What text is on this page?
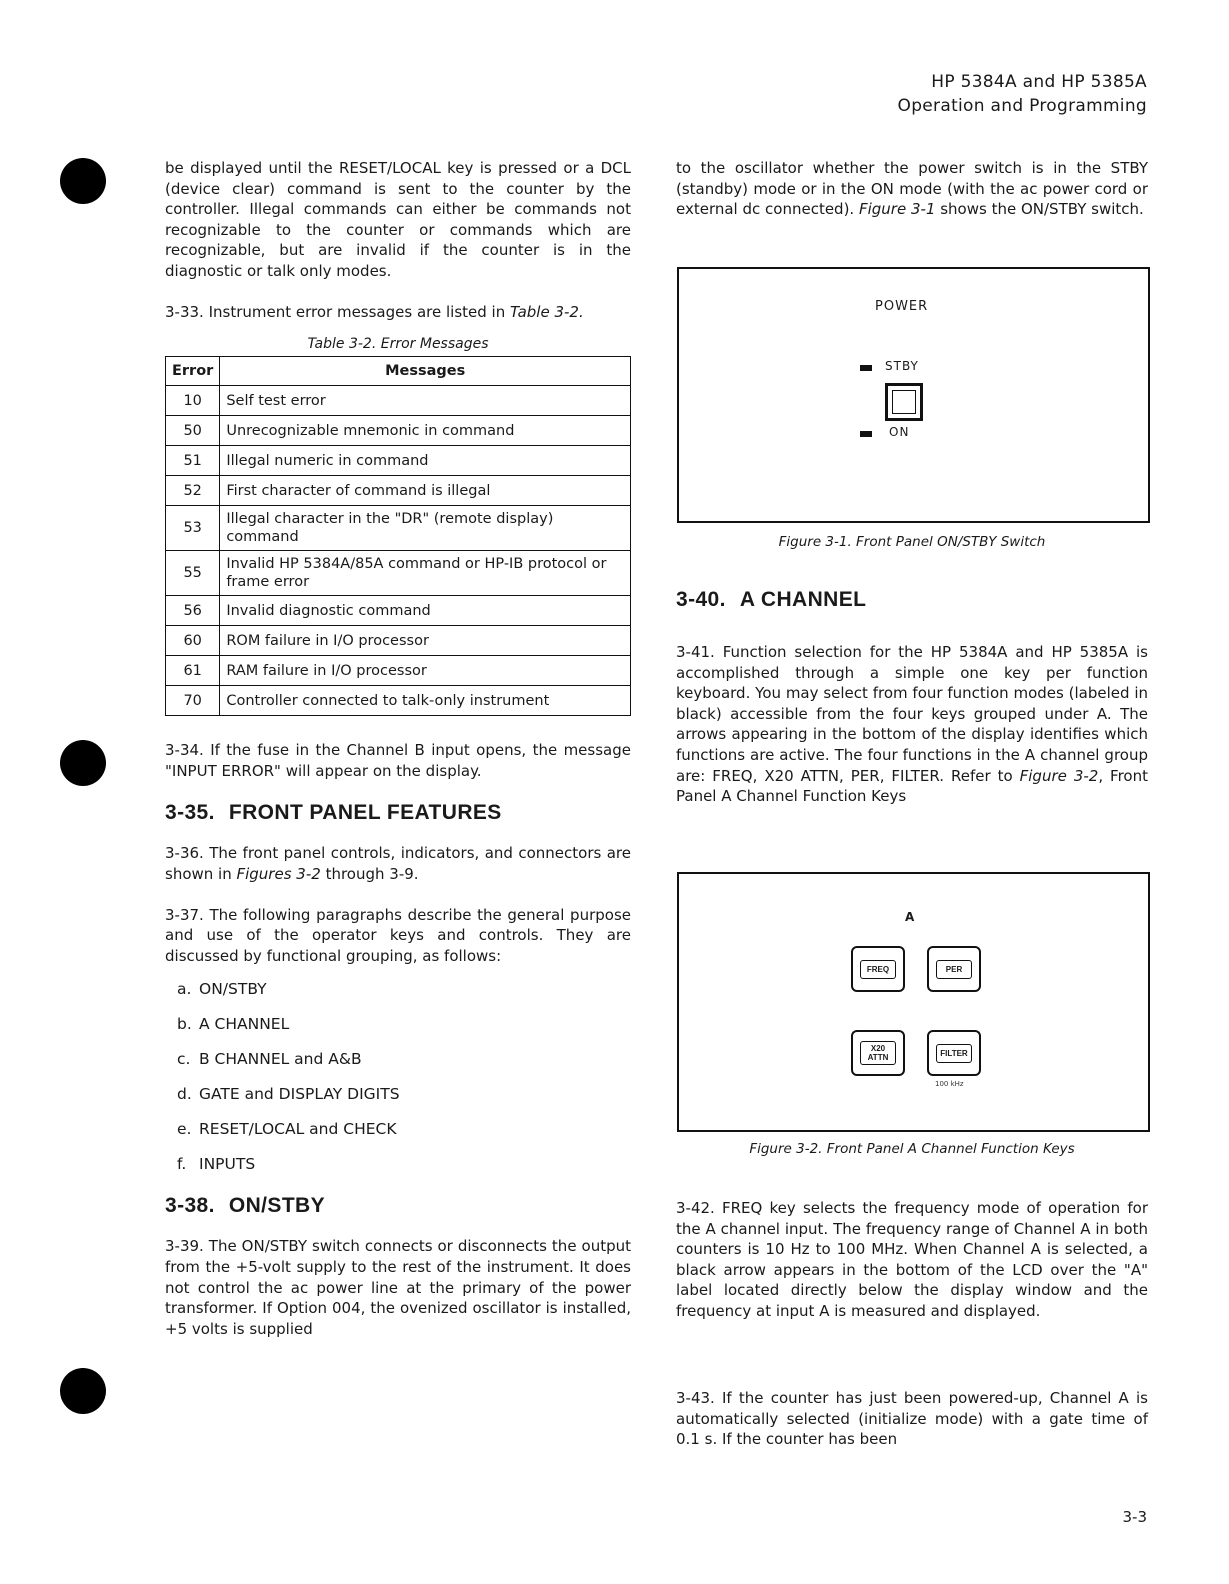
HP 5384A and HP 5385A
Operation and Programming

be displayed until the RESET/LOCAL key is pressed or a DCL (device clear) command is sent to the counter by the controller. Illegal commands can either be commands not recognizable to the counter or commands which are recognizable, but are invalid if the counter is in the diagnostic or talk only modes.

3-33. Instrument error messages are listed in Table 3-2.

Table 3-2. Error Messages
Error	Messages
10	Self test error
50	Unrecognizable mnemonic in command
51	Illegal numeric in command
52	First character of command is illegal
53	Illegal character in the "DR" (remote display) command
55	Invalid HP 5384A/85A command or HP-IB protocol or frame error
56	Invalid diagnostic command
60	ROM failure in I/O processor
61	RAM failure in I/O processor
70	Controller connected to talk-only instrument

3-34. If the fuse in the Channel B input opens, the message "INPUT ERROR" will appear on the display.

3-35. FRONT PANEL FEATURES

3-36. The front panel controls, indicators, and connectors are shown in Figures 3-2 through 3-9.

3-37. The following paragraphs describe the general purpose and use of the operator keys and controls. They are discussed by functional grouping, as follows:

a. ON/STBY
b. A CHANNEL
c. B CHANNEL and A&B
d. GATE and DISPLAY DIGITS
e. RESET/LOCAL and CHECK
f. INPUTS
3-38. ON/STBY

3-39. The ON/STBY switch connects or disconnects the output from the +5-volt supply to the rest of the instrument. It does not control the ac power line at the primary of the power transformer. If Option 004, the ovenized oscillator is installed, +5 volts is supplied

to the oscillator whether the power switch is in the STBY (standby) mode or in the ON mode (with the ac power cord or external dc connected). Figure 3-1 shows the ON/STBY switch.

POWER
STBY
ON
Figure 3-1. Front Panel ON/STBY Switch
3-40. A CHANNEL

3-41. Function selection for the HP 5384A and HP 5385A is accomplished through a simple one key per function keyboard. You may select from four function modes (labeled in black) accessible from the four keys grouped under A. The arrows appearing in the bottom of the display identifies which functions are active. The four functions in the A channel group are: FREQ, X20 ATTN, PER, FILTER. Refer to Figure 3-2, Front Panel A Channel Function Keys

A
FREQ	PER
X20
ATTN	FILTER
100 kHz
Figure 3-2. Front Panel A Channel Function Keys

3-42. FREQ key selects the frequency mode of operation for the A channel input. The frequency range of Channel A in both counters is 10 Hz to 100 MHz. When Channel A is selected, a black arrow appears in the bottom of the LCD over the "A" label located directly below the display window and the frequency at input A is measured and displayed.

3-43. If the counter has just been powered-up, Channel A is automatically selected (initialize mode) with a gate time of 0.1 s. If the counter has been

3-3
